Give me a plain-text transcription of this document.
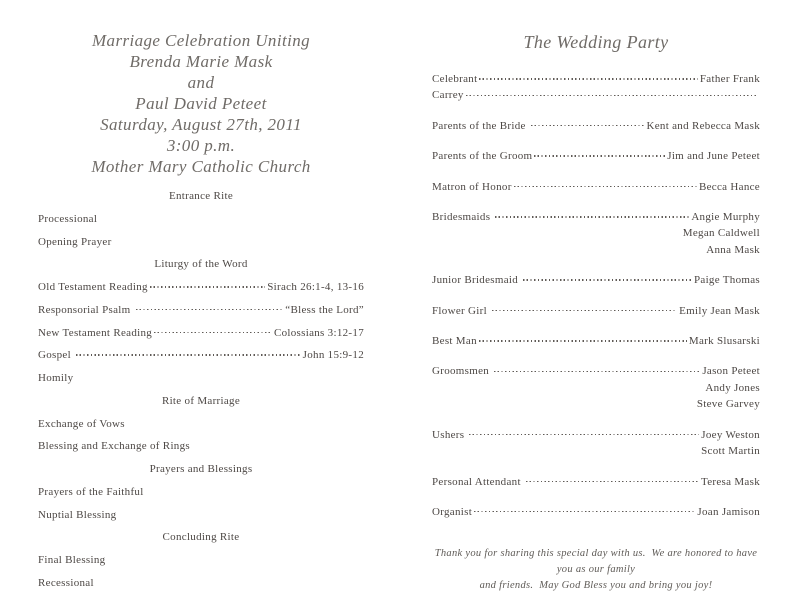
Marriage Celebration Uniting
Brenda Marie Mask
and
Paul David Peteet
Saturday, August 27th, 2011
3:00 p.m.
Mother Mary Catholic Church
Entrance Rite
Processional
Opening Prayer
Liturgy of the Word
Old Testament Reading	Sirach 26:1-4, 13-16
Responsorial Psalm	“Bless the Lord”
New Testament Reading	Colossians 3:12-17
Gospel	John 15:9-12
Homily
Rite of Marriage
Exchange of Vows
Blessing and Exchange of Rings
Prayers and Blessings
Prayers of the Faithful
Nuptial Blessing
Concluding Rite
Final Blessing
Recessional
The Wedding Party
Celebrant	Father Frank
Carrey
Parents of the Bride	Kent and Rebecca Mask
Parents of the Groom	Jim and June Peteet
Matron of Honor	Becca Hance
Bridesmaids	Angie Murphy
Megan Caldwell
Anna Mask
Junior Bridesmaid	Paige Thomas
Flower Girl	Emily Jean Mask
Best Man	Mark Slusarski
Groomsmen	Jason Peteet
Andy Jones
Steve Garvey
Ushers	Joey Weston
Scott Martin
Personal Attendant	Teresa Mask
Organist	Joan Jamison
Thank you for sharing this special day with us.  We are honored to have you as our family
and friends.  May God Bless you and bring you joy!
